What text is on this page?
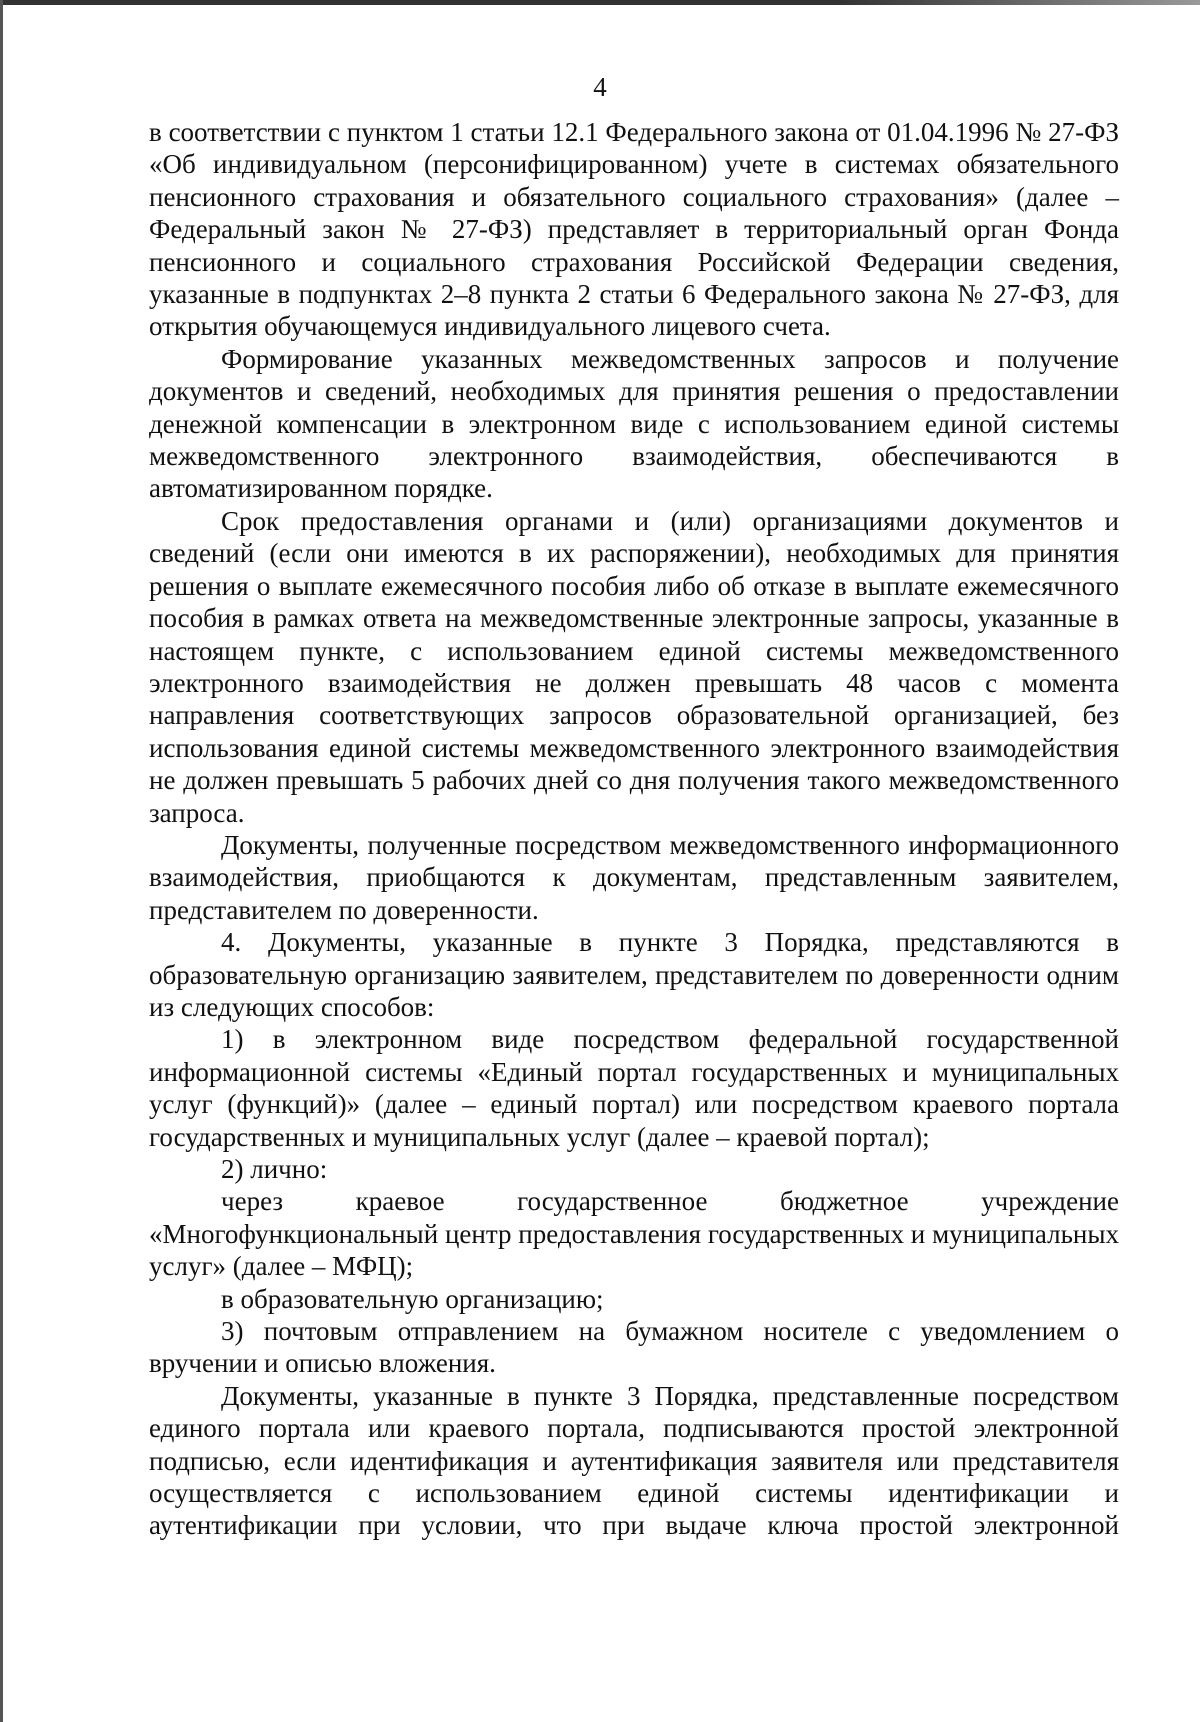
4

в соответствии с пунктом 1 статьи 12.1 Федерального закона от 01.04.1996 № 27-ФЗ «Об индивидуальном (персонифицированном) учете в системах обязательного пенсионного страхования и обязательного социального страхования» (далее – Федеральный закон № 27-ФЗ) представляет в территориальный орган Фонда пенсионного и социального страхования Российской Федерации сведения, указанные в подпунктах 2–8 пункта 2 статьи 6 Федерального закона № 27-ФЗ, для открытия обучающемуся индивидуального лицевого счета.

Формирование указанных межведомственных запросов и получение документов и сведений, необходимых для принятия решения о предоставлении денежной компенсации в электронном виде с использованием единой системы межведомственного электронного взаимодействия, обеспечиваются в автоматизированном порядке.

Срок предоставления органами и (или) организациями документов и сведений (если они имеются в их распоряжении), необходимых для принятия решения о выплате ежемесячного пособия либо об отказе в выплате ежемесячного пособия в рамках ответа на межведомственные электронные запросы, указанные в настоящем пункте, с использованием единой системы межведомственного электронного взаимодействия не должен превышать 48 часов с момента направления соответствующих запросов образовательной организацией, без использования единой системы межведомственного электронного взаимодействия не должен превышать 5 рабочих дней со дня получения такого межведомственного запроса.

Документы, полученные посредством межведомственного информационного взаимодействия, приобщаются к документам, представленным заявителем, представителем по доверенности.

4. Документы, указанные в пункте 3 Порядка, представляются в образовательную организацию заявителем, представителем по доверенности одним из следующих способов:

1) в электронном виде посредством федеральной государственной информационной системы «Единый портал государственных и муниципальных услуг (функций)» (далее – единый портал) или посредством краевого портала государственных и муниципальных услуг (далее – краевой портал);

2) лично:

через краевое государственное бюджетное учреждение «Многофункциональный центр предоставления государственных и муниципальных услуг» (далее – МФЦ);

в образовательную организацию;

3) почтовым отправлением на бумажном носителе с уведомлением о вручении и описью вложения.

Документы, указанные в пункте 3 Порядка, представленные посредством единого портала или краевого портала, подписываются простой электронной подписью, если идентификация и аутентификация заявителя или представителя осуществляется с использованием единой системы идентификации и аутентификации при условии, что при выдаче ключа простой электронной
